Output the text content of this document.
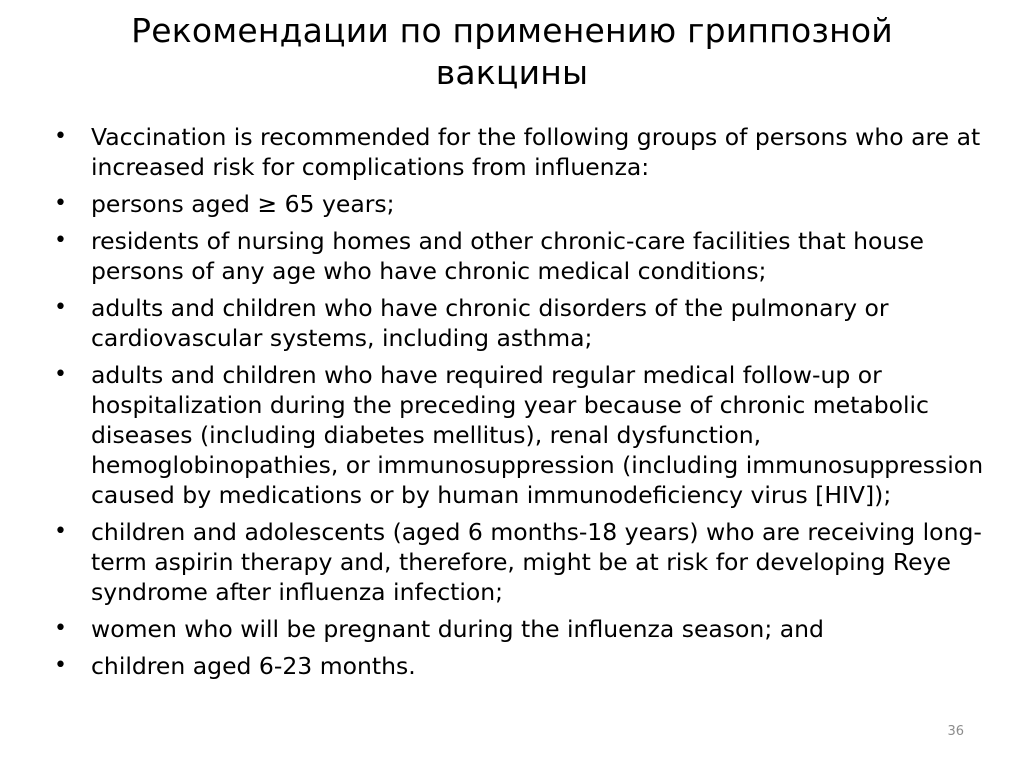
Рекомендации по применению гриппозной вакцины
• Vaccination is recommended for the following groups of persons who are at increased risk for complications from influenza:
• persons aged ≥ 65 years;
• residents of nursing homes and other chronic-care facilities that house persons of any age who have chronic medical conditions;
• adults and children who have chronic disorders of the pulmonary or cardiovascular systems, including asthma;
• adults and children who have required regular medical follow-up or hospitalization during the preceding year because of chronic metabolic diseases (including diabetes mellitus), renal dysfunction, hemoglobinopathies, or immunosuppression (including immunosuppression caused by medications or by human immunodeficiency virus [HIV]);
• children and adolescents (aged 6 months-18 years) who are receiving long-term aspirin therapy and, therefore, might be at risk for developing Reye syndrome after influenza infection;
• women who will be pregnant during the influenza season; and
• children aged 6-23 months.
36
